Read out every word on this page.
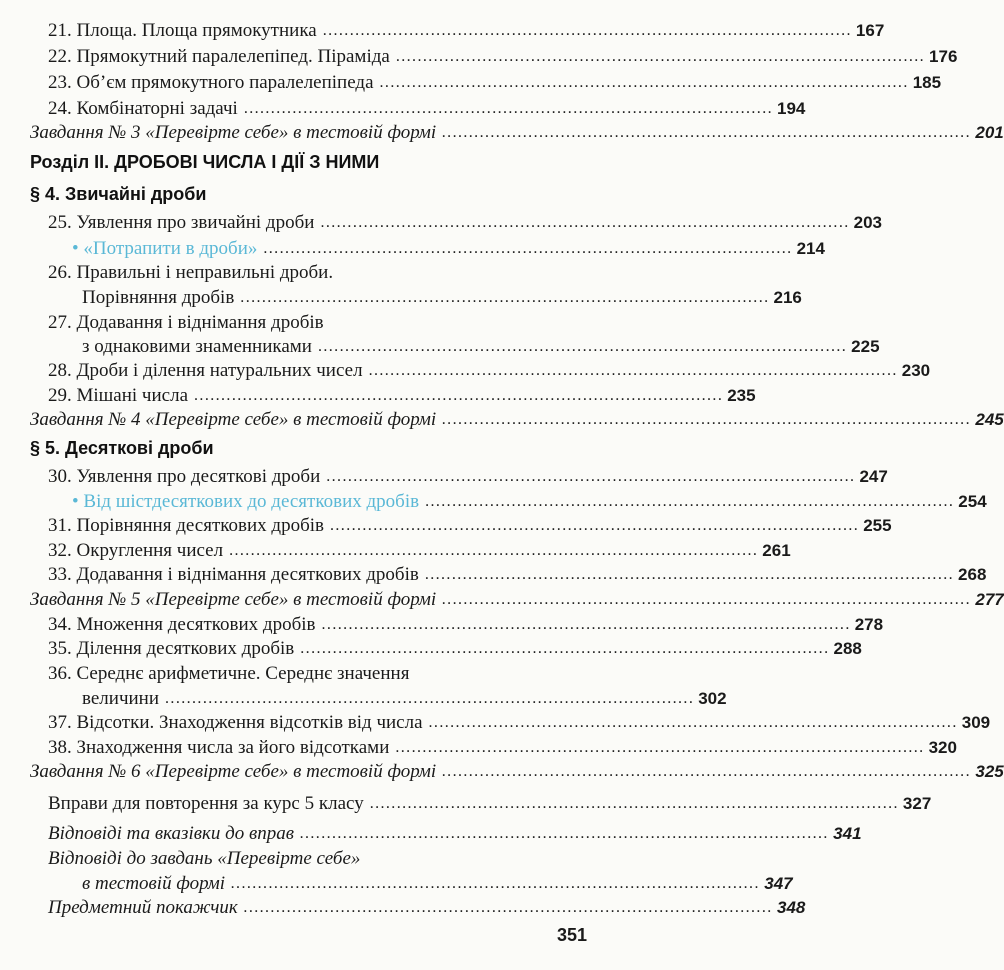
21. Площа. Площа прямокутника .................................................................................................. 167
22. Прямокутний паралелепіпед. Піраміда .................................................................................................. 176
23. Об’єм прямокутного паралелепіпеда .................................................................................................. 185
24. Комбінаторні задачі .................................................................................................. 194
Завдання № 3 «Перевірте себе» в тестовій формі .................................................................................................. 201
Розділ II. ДРОБОВІ ЧИСЛА І ДІЇ З НИМИ
§ 4. Звичайні дроби
25. Уявлення про звичайні дроби .................................................................................................. 203
• «Потрапити в дроби» .................................................................................................. 214
26. Правильні і неправильні дроби.
Порівняння дробів .................................................................................................. 216
27. Додавання і віднімання дробів
з однаковими знаменниками .................................................................................................. 225
28. Дроби і ділення натуральних чисел .................................................................................................. 230
29. Мішані числа .................................................................................................. 235
Завдання № 4 «Перевірте себе» в тестовій формі .................................................................................................. 245
§ 5. Десяткові дроби
30. Уявлення про десяткові дроби .................................................................................................. 247
• Від шістдесяткових до десяткових дробів .................................................................................................. 254
31. Порівняння десяткових дробів .................................................................................................. 255
32. Округлення чисел .................................................................................................. 261
33. Додавання і віднімання десяткових дробів .................................................................................................. 268
Завдання № 5 «Перевірте себе» в тестовій формі .................................................................................................. 277
34. Множення десяткових дробів .................................................................................................. 278
35. Ділення десяткових дробів .................................................................................................. 288
36. Середнє арифметичне. Середнє значення
величини .................................................................................................. 302
37. Відсотки. Знаходження відсотків від числа .................................................................................................. 309
38. Знаходження числа за його відсотками .................................................................................................. 320
Завдання № 6 «Перевірте себе» в тестовій формі .................................................................................................. 325
Вправи для повторення за курс 5 класу .................................................................................................. 327
Відповіді та вказівки до вправ .................................................................................................. 341
Відповіді до завдань «Перевірте себе»
в тестовій формі .................................................................................................. 347
Предметний покажчик .................................................................................................. 348
351
